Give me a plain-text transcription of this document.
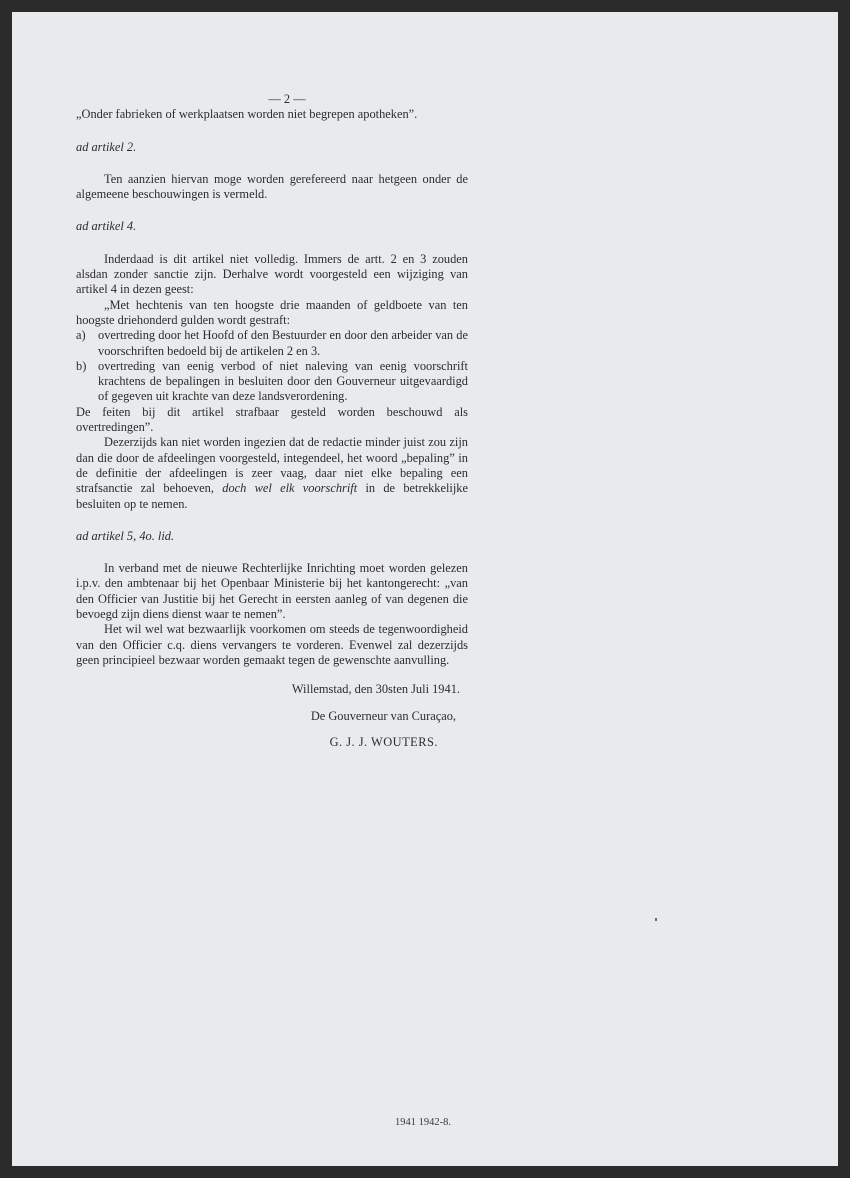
— 2 —

„Onder fabrieken of werkplaatsen worden niet begrepen apotheken”.

ad artikel 2.

Ten aanzien hiervan moge worden gerefereerd naar hetgeen onder de algemeene beschouwingen is vermeld.

ad artikel 4.

Inderdaad is dit artikel niet volledig. Immers de artt. 2 en 3 zouden alsdan zonder sanctie zijn. Derhalve wordt voorgesteld een wijziging van artikel 4 in dezen geest:

„Met hechtenis van ten hoogste drie maanden of geldboete van ten hoogste driehonderd gulden wordt gestraft:

a) overtreding door het Hoofd of den Bestuurder en door den arbeider van de voorschriften bedoeld bij de artikelen 2 en 3.
b) overtreding van eenig verbod of niet naleving van eenig voorschrift krachtens de bepalingen in besluiten door den Gouverneur uitgevaardigd of gegeven uit krachte van deze landsverordening.

De feiten bij dit artikel strafbaar gesteld worden beschouwd als overtredingen”.

Dezerzijds kan niet worden ingezien dat de redactie minder juist zou zijn dan die door de afdeelingen voorgesteld, integendeel, het woord „bepaling” in de definitie der afdeelingen is zeer vaag, daar niet elke bepaling een strafsanctie zal behoeven, doch wel elk voorschrift in de betrekkelijke besluiten op te nemen.

ad artikel 5, 4o. lid.

In verband met de nieuwe Rechterlijke Inrichting moet worden gelezen i.p.v. den ambtenaar bij het Openbaar Ministerie bij het kantongerecht: „van den Officier van Justitie bij het Gerecht in eersten aanleg of van degenen die bevoegd zijn diens dienst waar te nemen”.

Het wil wel wat bezwaarlijk voorkomen om steeds de tegenwoordigheid van den Officier c.q. diens vervangers te vorderen. Evenwel zal dezerzijds geen principieel bezwaar worden gemaakt tegen de gewenschte aanvulling.

Willemstad, den 30sten Juli 1941.

De Gouverneur van Curaçao,

G. J. J. WOUTERS.

1941 1942-8.
